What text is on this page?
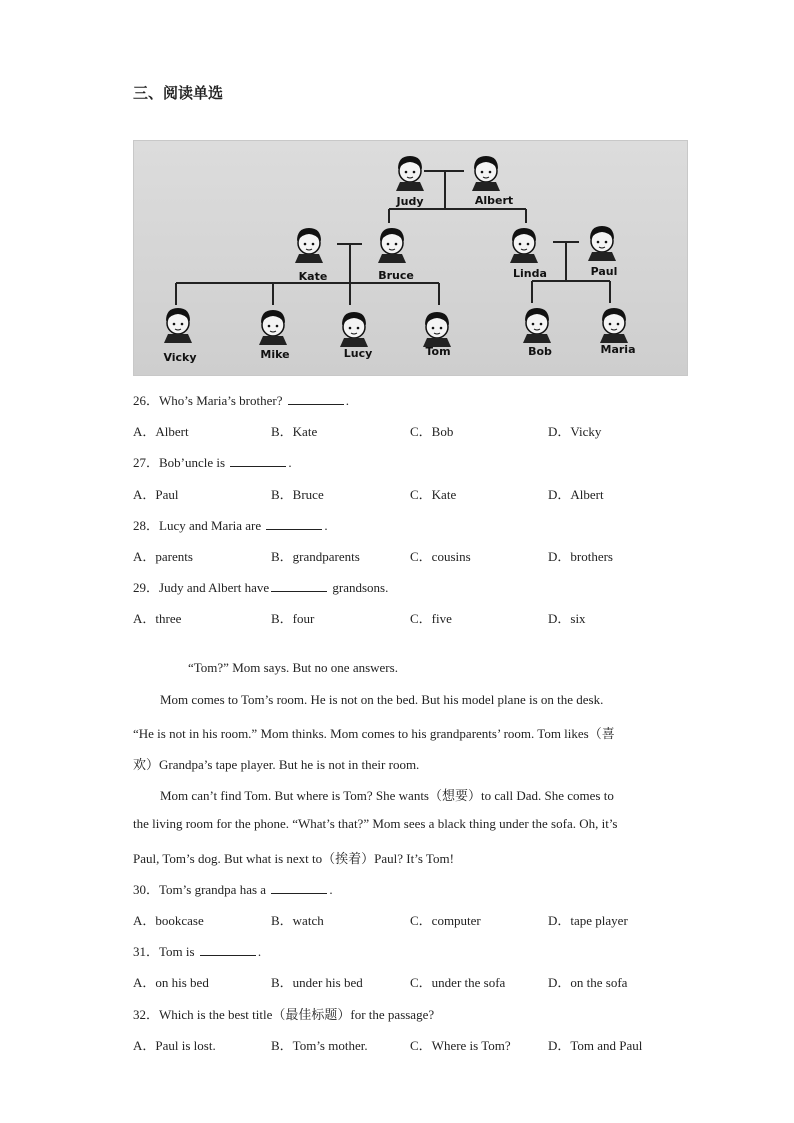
三、阅读单选
Judy	Albert
Kate	Bruce	Linda	Paul
Vicky	Mike	Lucy	Tom	Bob	Maria
26．Who’s Maria’s brother?	.
A．Albert	B．Kate	C．Bob	D．Vicky
27．Bob’uncle is	.
A．Paul	B．Bruce	C．Kate	D．Albert
28．Lucy and Maria are	.
A．parents	B．grandparents	C．cousins	D．brothers
29．Judy and Albert have	grandsons.
A．three	B．four	C．five	D．six
“Tom?” Mom says. But no one answers.
Mom comes to Tom’s room. He is not on the bed. But his model plane is on the desk.
“He is not in his room.” Mom thinks. Mom comes to his grandparents’ room. Tom likes（喜
欢）Grandpa’s tape player. But he is not in their room.
Mom can’t find Tom. But where is Tom? She wants（想要）to call Dad. She comes to
the living room for the phone. “What’s that?” Mom sees a black thing under the sofa. Oh, it’s
Paul, Tom’s dog. But what is next to（挨着）Paul? It’s Tom!
30．Tom’s grandpa has a	.
A．bookcase	B．watch	C．computer	D．tape player
31．Tom is	.
A．on his bed	B．under his bed	C．under the sofa	D．on the sofa
32．Which is the best title（最佳标题）for the passage?
A．Paul is lost.	B．Tom’s mother.	C．Where is Tom?	D．Tom and Paul
